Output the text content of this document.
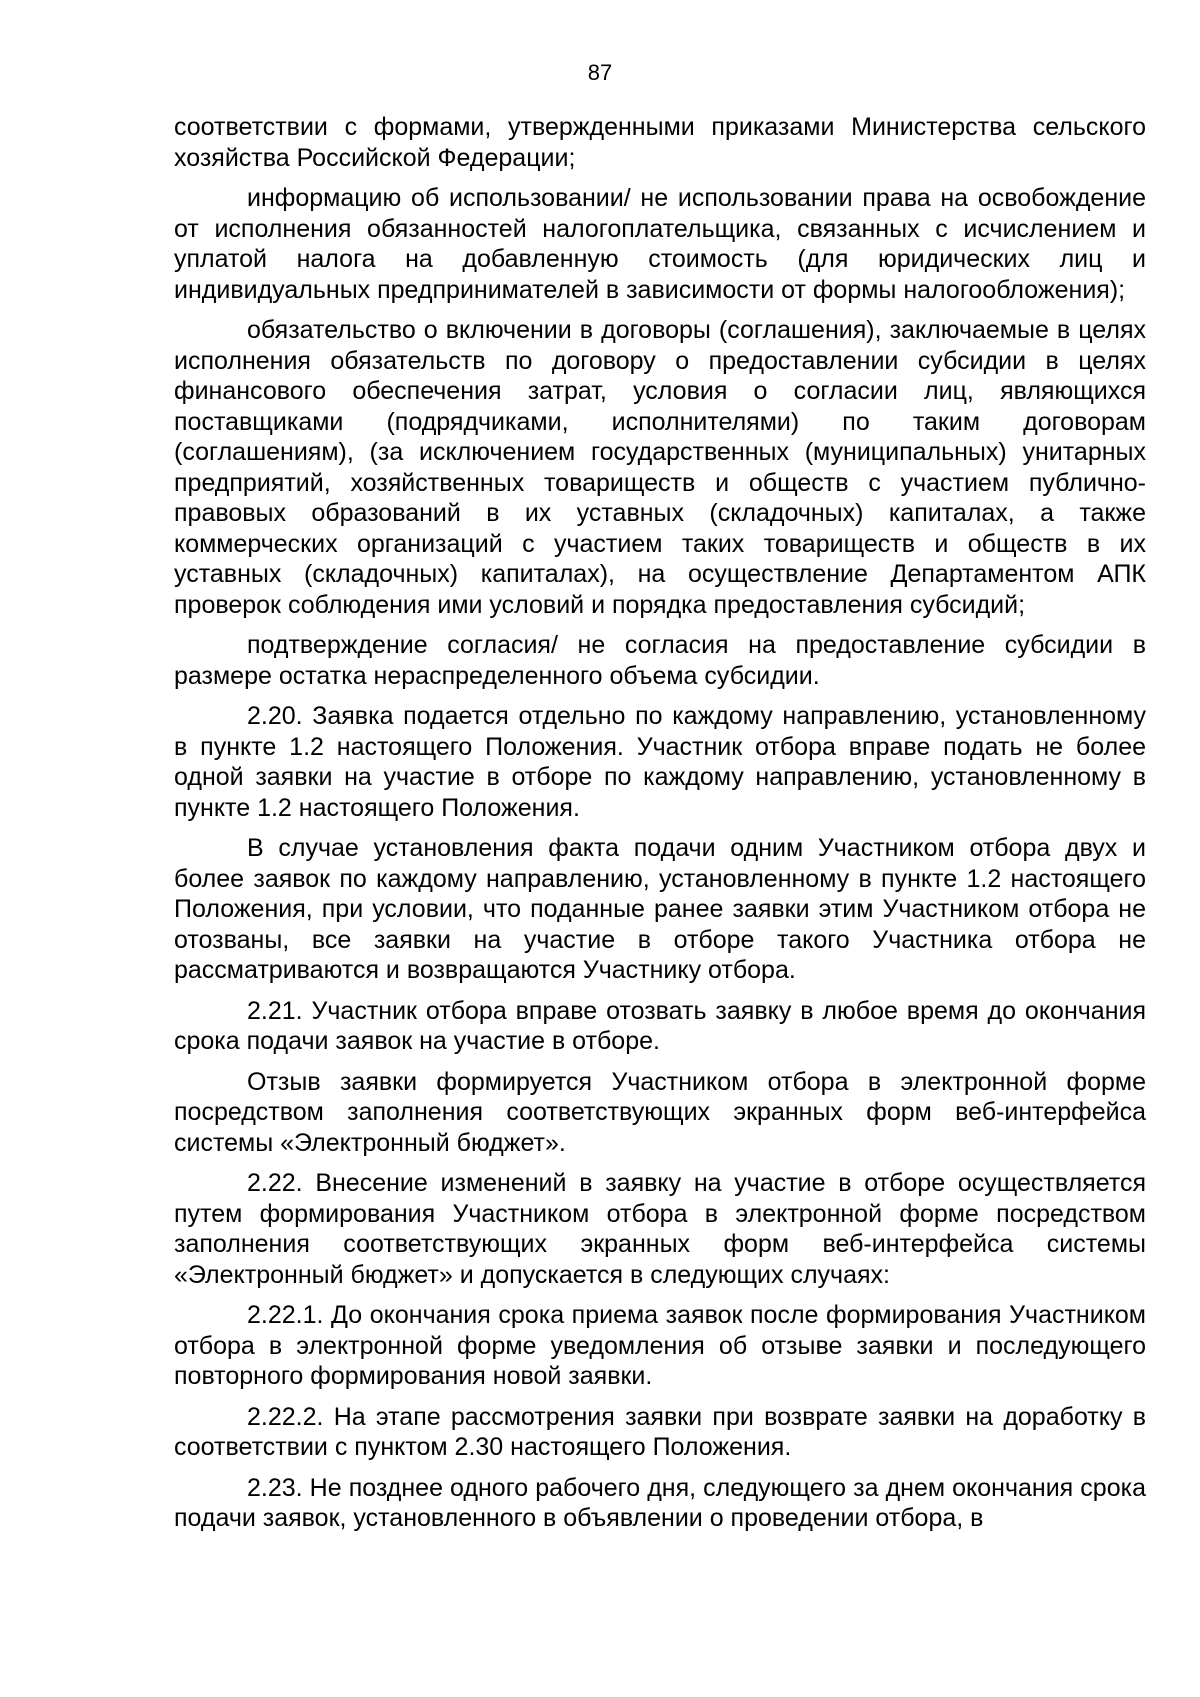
87

соответствии с формами, утвержденными приказами Министерства сельского хозяйства Российской Федерации;

информацию об использовании/ не использовании права на освобождение от исполнения обязанностей налогоплательщика, связанных с исчислением и уплатой налога на добавленную стоимость (для юридических лиц и индивидуальных предпринимателей в зависимости от формы налогообложения);

обязательство о включении в договоры (соглашения), заключаемые в целях исполнения обязательств по договору о предоставлении субсидии в целях финансового обеспечения затрат, условия о согласии лиц, являющихся поставщиками (подрядчиками, исполнителями) по таким договорам (соглашениям), (за исключением государственных (муниципальных) унитарных предприятий, хозяйственных товариществ и обществ с участием публично-правовых образований в их уставных (складочных) капиталах, а также коммерческих организаций с участием таких товариществ и обществ в их уставных (складочных) капиталах), на осуществление Департаментом АПК проверок соблюдения ими условий и порядка предоставления субсидий;

подтверждение согласия/ не согласия на предоставление субсидии в размере остатка нераспределенного объема субсидии.

2.20. Заявка подается отдельно по каждому направлению, установленному в пункте 1.2 настоящего Положения. Участник отбора вправе подать не более одной заявки на участие в отборе по каждому направлению, установленному в пункте 1.2 настоящего Положения.

В случае установления факта подачи одним Участником отбора двух и более заявок по каждому направлению, установленному в пункте 1.2 настоящего Положения, при условии, что поданные ранее заявки этим Участником отбора не отозваны, все заявки на участие в отборе такого Участника отбора не рассматриваются и возвращаются Участнику отбора.

2.21. Участник отбора вправе отозвать заявку в любое время до окончания срока подачи заявок на участие в отборе.

Отзыв заявки формируется Участником отбора в электронной форме посредством заполнения соответствующих экранных форм веб-интерфейса системы «Электронный бюджет».

2.22. Внесение изменений в заявку на участие в отборе осуществляется путем формирования Участником отбора в электронной форме посредством заполнения соответствующих экранных форм веб-интерфейса системы «Электронный бюджет» и допускается в следующих случаях:

2.22.1. До окончания срока приема заявок после формирования Участником отбора в электронной форме уведомления об отзыве заявки и последующего повторного формирования новой заявки.

2.22.2. На этапе рассмотрения заявки при возврате заявки на доработку в соответствии с пунктом 2.30 настоящего Положения.

2.23. Не позднее одного рабочего дня, следующего за днем окончания срока подачи заявок, установленного в объявлении о проведении отбора, в
